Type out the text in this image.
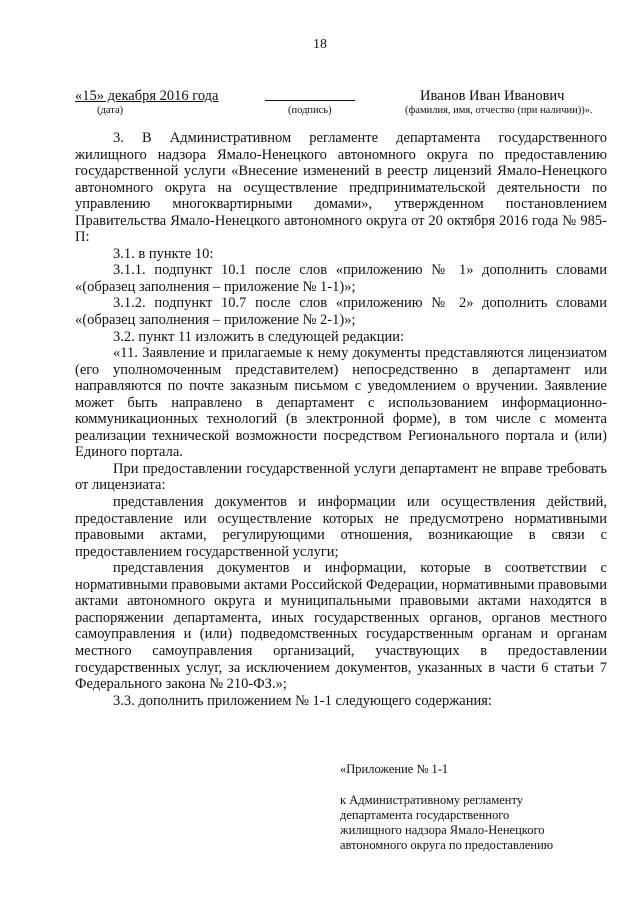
18
«15» декабря 2016 года
(дата)	(подпись)
Иванов Иван Иванович
(фамилия, имя, отчество (при наличии))».

3. В Административном регламенте департамента государственного жилищного надзора Ямало-Ненецкого автономного округа по предоставлению государственной услуги «Внесение изменений в реестр лицензий Ямало-Ненецкого автономного округа на осуществление предпринимательской деятельности по управлению многоквартирными домами», утвержденном постановлением Правительства Ямало-Ненецкого автономного округа от 20 октября 2016 года № 985-П:

3.1. в пункте 10:

3.1.1. подпункт 10.1 после слов «приложению № 1» дополнить словами «(образец заполнения – приложение № 1-1)»;

3.1.2. подпункт 10.7 после слов «приложению № 2» дополнить словами «(образец заполнения – приложение № 2-1)»;

3.2. пункт 11 изложить в следующей редакции:

«11. Заявление и прилагаемые к нему документы представляются лицензиатом (его уполномоченным представителем) непосредственно в департамент или направляются по почте заказным письмом с уведомлением о вручении. Заявление может быть направлено в департамент с использованием информационно-коммуникационных технологий (в электронной форме), в том числе с момента реализации технической возможности посредством Регионального портала и (или) Единого портала.

При предоставлении государственной услуги департамент не вправе требовать от лицензиата:

представления документов и информации или осуществления действий, предоставление или осуществление которых не предусмотрено нормативными правовыми актами, регулирующими отношения, возникающие в связи с предоставлением государственной услуги;

представления документов и информации, которые в соответствии с нормативными правовыми актами Российской Федерации, нормативными правовыми актами автономного округа и муниципальными правовыми актами находятся в распоряжении департамента, иных государственных органов, органов местного самоуправления и (или) подведомственных государственным органам и органам местного самоуправления организаций, участвующих в предоставлении государственных услуг, за исключением документов, указанных в части 6 статьи 7 Федерального закона № 210-ФЗ.»;

3.3. дополнить приложением № 1-1 следующего содержания:

«Приложение № 1-1
к Административному регламенту
департамента государственного
жилищного надзора Ямало-Ненецкого
автономного округа по предоставлению
